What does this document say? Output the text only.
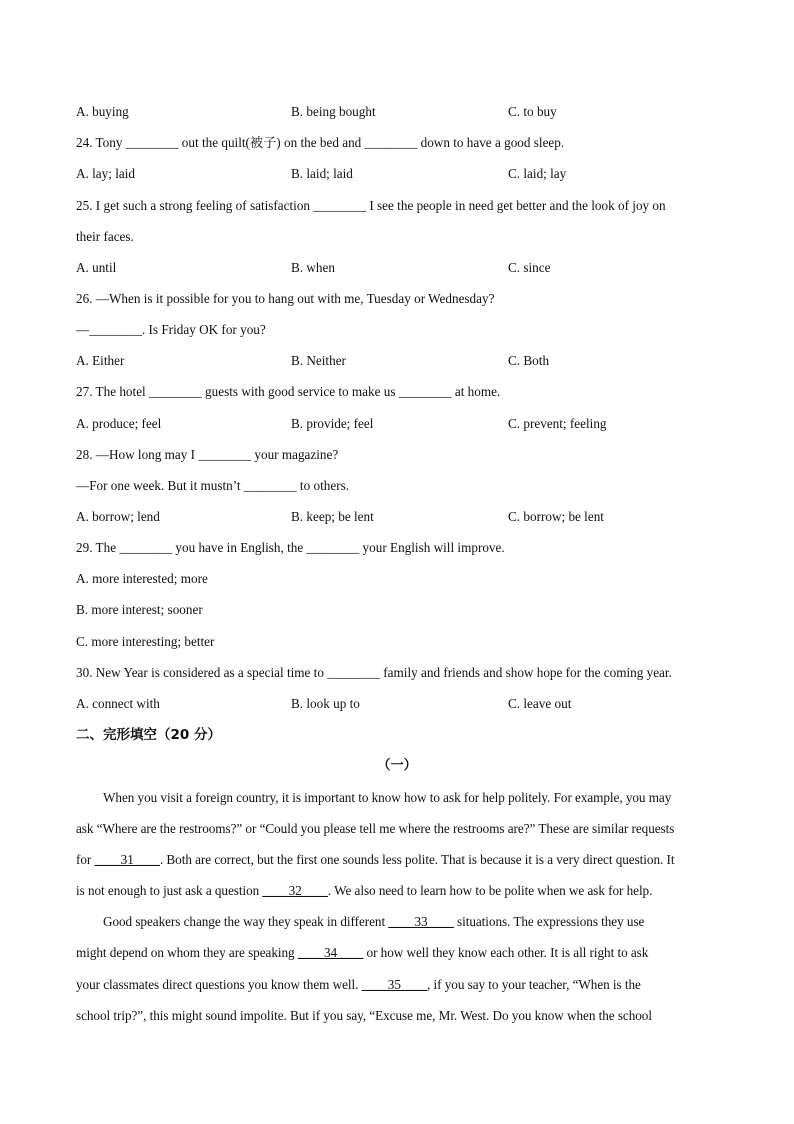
A. buying	B. being bought	C. to buy
24. Tony ________ out the quilt(被子) on the bed and ________ down to have a good sleep.
A. lay; laid	B. laid; laid	C. laid; lay
25. I get such a strong feeling of satisfaction ________ I see the people in need get better and the look of joy on
their faces.
A. until	B. when	C. since
26. —When is it possible for you to hang out with me, Tuesday or Wednesday?
—________. Is Friday OK for you?
A. Either	B. Neither	C. Both
27. The hotel ________ guests with good service to make us ________ at home.
A. produce; feel	B. provide; feel	C. prevent; feeling
28. —How long may I ________ your magazine?
—For one week. But it mustn’t ________ to others.
A. borrow; lend	B. keep; be lent	C. borrow; be lent
29. The ________ you have in English, the ________ your English will improve.
A. more interested; more
B. more interest; sooner
C. more interesting; better
30. New Year is considered as a special time to ________ family and friends and show hope for the coming year.
A. connect with	B. look up to	C. leave out
二、完形填空（20 分）
（一）
When you visit a foreign country, it is important to know how to ask for help politely. For example, you may
ask “Where are the restrooms?” or “Could you please tell me where the restrooms are?” These are similar requests
for ____31____. Both are correct, but the first one sounds less polite. That is because it is a very direct question. It
is not enough to just ask a question ____32____. We also need to learn how to be polite when we ask for help.
Good speakers change the way they speak in different ____33____ situations. The expressions they use
might depend on whom they are speaking ____34____ or how well they know each other. It is all right to ask
your classmates direct questions you know them well. ____35____, if you say to your teacher, “When is the
school trip?”, this might sound impolite. But if you say, “Excuse me, Mr. West. Do you know when the school
